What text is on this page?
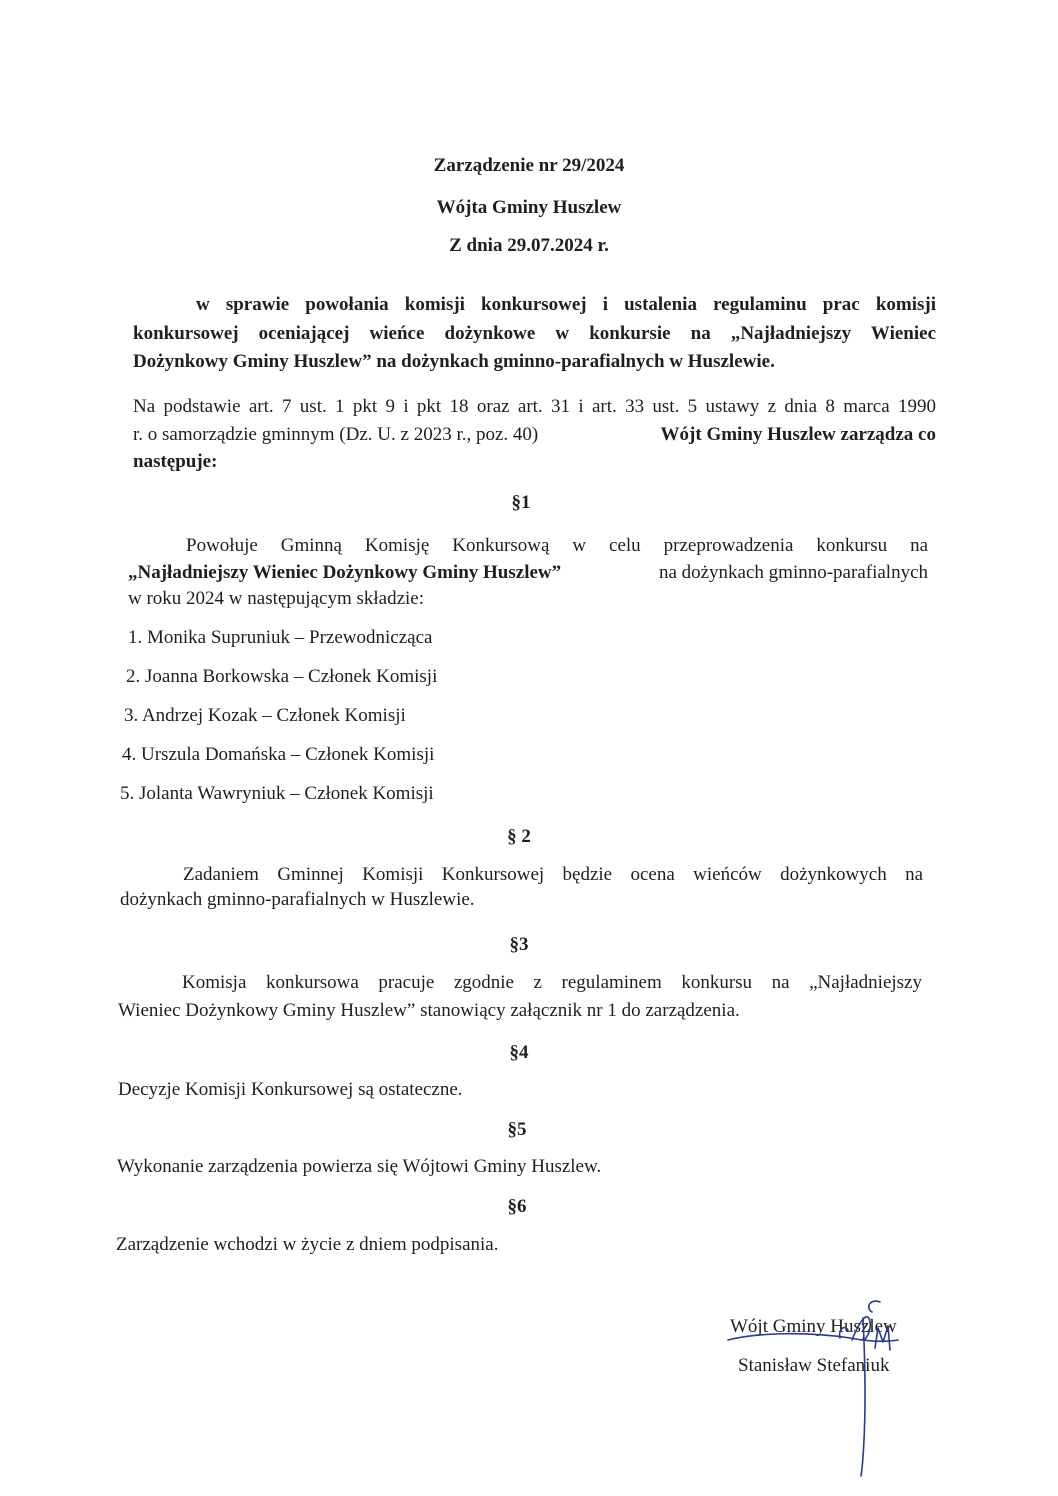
Zarządzenie nr 29/2024
Wójta Gminy Huszlew
Z dnia 29.07.2024 r.
w sprawie powołania komisji konkursowej i ustalenia regulaminu prac komisji
konkursowej oceniającej wieńce dożynkowe w konkursie na „Najładniejszy Wieniec
Dożynkowy Gminy Huszlew” na dożynkach gminno-parafialnych w Huszlewie.
Na podstawie art. 7 ust. 1 pkt 9 i pkt 18 oraz art. 31 i art. 33 ust. 5 ustawy z dnia 8 marca 1990
r. o samorządzie gminnym (Dz. U. z 2023 r., poz. 40)	Wójt Gminy Huszlew zarządza co
następuje:
§1
Powołuje Gminną Komisję Konkursową w celu przeprowadzenia konkursu na
„Najładniejszy Wieniec Dożynkowy Gminy Huszlew”	na dożynkach gminno-parafialnych
w roku 2024 w następującym składzie:
1. Monika Supruniuk – Przewodnicząca
2. Joanna Borkowska – Członek Komisji
3. Andrzej Kozak – Członek Komisji
4. Urszula Domańska – Członek Komisji
5. Jolanta Wawryniuk – Członek Komisji
§ 2
Zadaniem Gminnej Komisji Konkursowej będzie ocena wieńców dożynkowych na
dożynkach gminno-parafialnych w Huszlewie.
§3
Komisja konkursowa pracuje zgodnie z regulaminem konkursu na „Najładniejszy
Wieniec Dożynkowy Gminy Huszlew” stanowiący załącznik nr 1 do zarządzenia.
§4
Decyzje Komisji Konkursowej są ostateczne.
§5
Wykonanie zarządzenia powierza się Wójtowi Gminy Huszlew.
§6
Zarządzenie wchodzi w życie z dniem podpisania.
Wójt Gminy Huszlew
Stanisław Stefaniuk
